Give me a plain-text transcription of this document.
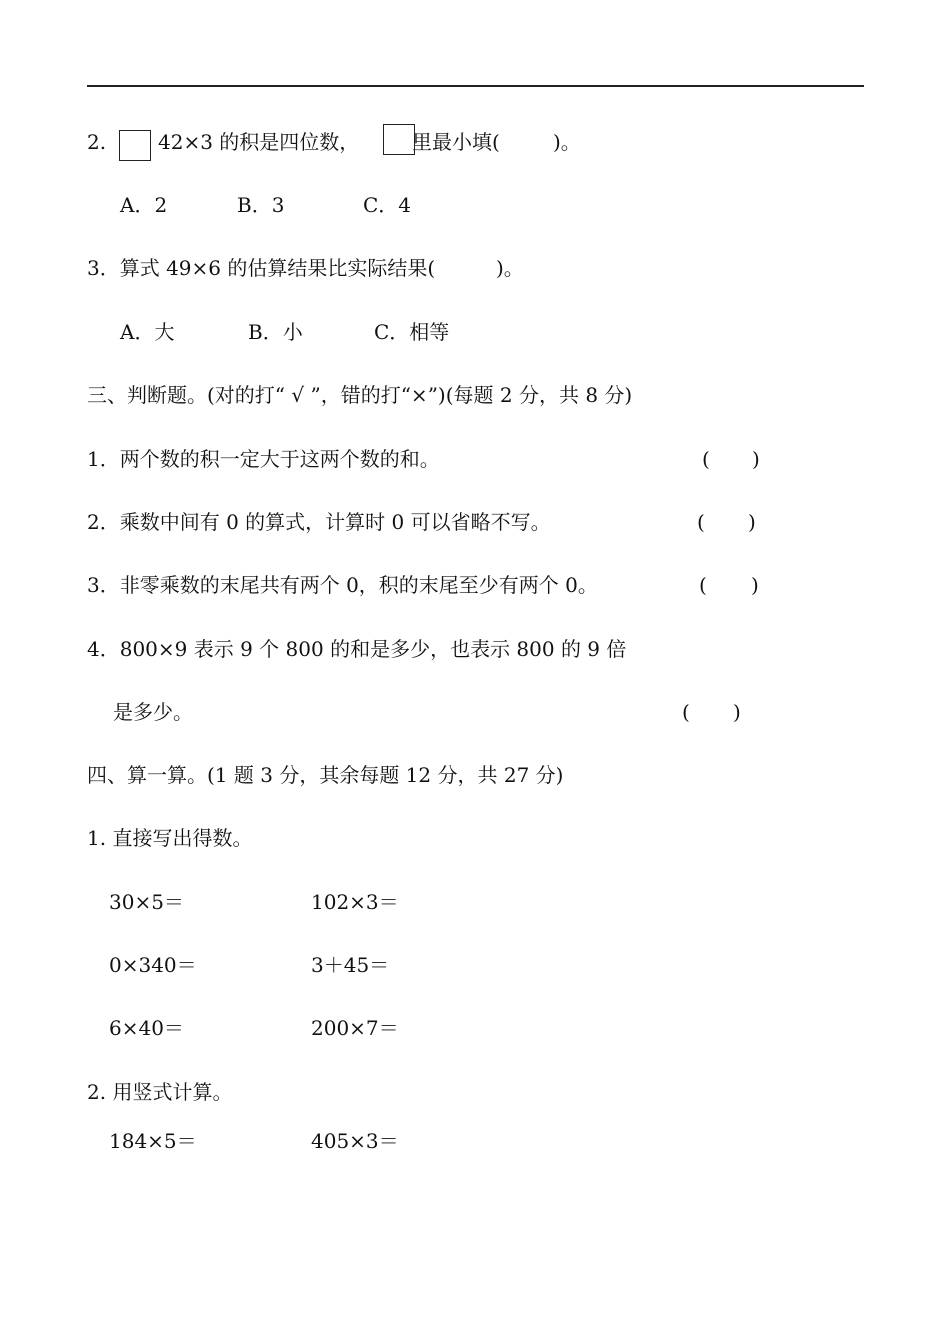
2.	42×3 的积是四位数，	里最小填(	)。
A．2	B．3	C．4
3．算式 49×6 的估算结果比实际结果(	)。
A．大	B．小	C．相等
三、判断题。(对的打“ √ ”，错的打“×”)(每题 2 分，共 8 分)
1．两个数的积一定大于这两个数的和。	( )
2．乘数中间有 0 的算式，计算时 0 可以省略不写。	( )
3．非零乘数的末尾共有两个 0，积的末尾至少有两个 0。	( )
4．800×9 表示 9 个 800 的和是多少，也表示 800 的 9 倍
是多少。	( )
四、算一算。(1 题 3 分，其余每题 12 分，共 27 分)
1. 直接写出得数。
30×5＝	102×3＝
0×340＝	3＋45＝
6×40＝	200×7＝
2. 用竖式计算。
184×5＝	405×3＝
